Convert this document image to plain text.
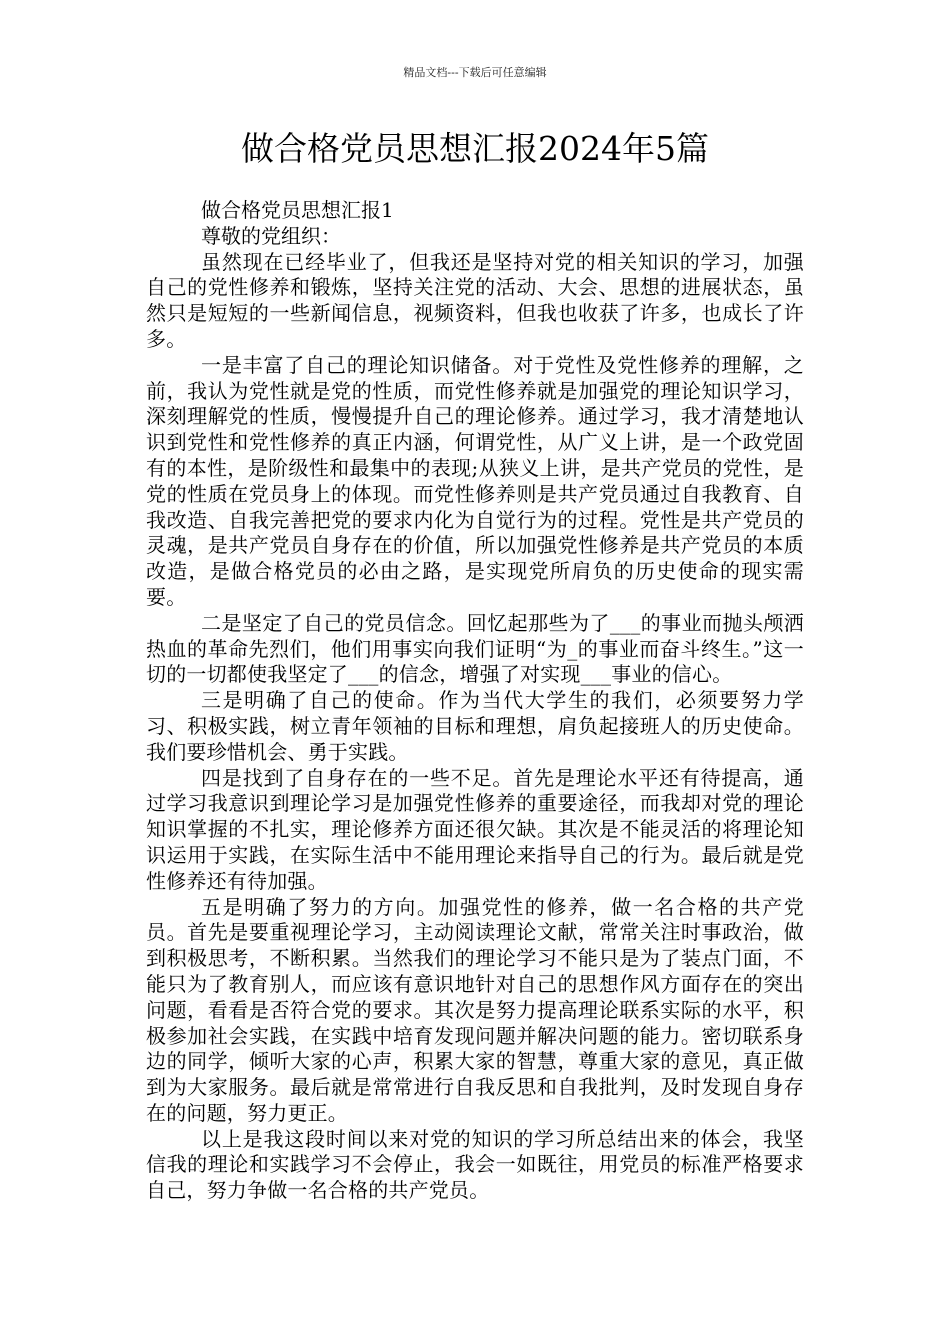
精品文档---下载后可任意编辑
做合格党员思想汇报2024年5篇

做合格党员思想汇报1

尊敬的党组织：

虽然现在已经毕业了，但我还是坚持对党的相关知识的学习，加强自己的党性修养和锻炼，坚持关注党的活动、大会、思想的进展状态，虽然只是短短的一些新闻信息，视频资料，但我也收获了许多，也成长了许多。

一是丰富了自己的理论知识储备。对于党性及党性修养的理解，之前，我认为党性就是党的性质，而党性修养就是加强党的理论知识学习，深刻理解党的性质，慢慢提升自己的理论修养。通过学习，我才清楚地认识到党性和党性修养的真正内涵，何谓党性，从广义上讲，是一个政党固有的本性，是阶级性和最集中的表现;从狭义上讲，是共产党员的党性，是党的性质在党员身上的体现。而党性修养则是共产党员通过自我教育、自我改造、自我完善把党的要求内化为自觉行为的过程。党性是共产党员的灵魂，是共产党员自身存在的价值，所以加强党性修养是共产党员的本质改造，是做合格党员的必由之路，是实现党所肩负的历史使命的现实需要。

二是坚定了自己的党员信念。回忆起那些为了___的事业而抛头颅洒热血的革命先烈们，他们用事实向我们证明“为_的事业而奋斗终生。”这一切的一切都使我坚定了___的信念，增强了对实现___事业的信心。

三是明确了自己的使命。作为当代大学生的我们，必须要努力学习、积极实践，树立青年领袖的目标和理想，肩负起接班人的历史使命。我们要珍惜机会、勇于实践。

四是找到了自身存在的一些不足。首先是理论水平还有待提高，通过学习我意识到理论学习是加强党性修养的重要途径，而我却对党的理论知识掌握的不扎实，理论修养方面还很欠缺。其次是不能灵活的将理论知识运用于实践，在实际生活中不能用理论来指导自己的行为。最后就是党性修养还有待加强。

五是明确了努力的方向。加强党性的修养，做一名合格的共产党员。首先是要重视理论学习，主动阅读理论文献，常常关注时事政治，做到积极思考，不断积累。当然我们的理论学习不能只是为了装点门面，不能只为了教育别人，而应该有意识地针对自己的思想作风方面存在的突出问题，看看是否符合党的要求。其次是努力提高理论联系实际的水平，积极参加社会实践，在实践中培育发现问题并解决问题的能力。密切联系身边的同学，倾听大家的心声，积累大家的智慧，尊重大家的意见，真正做到为大家服务。最后就是常常进行自我反思和自我批判，及时发现自身存在的问题，努力更正。

以上是我这段时间以来对党的知识的学习所总结出来的体会，我坚信我的理论和实践学习不会停止，我会一如既往，用党员的标准严格要求自己，努力争做一名合格的共产党员。
